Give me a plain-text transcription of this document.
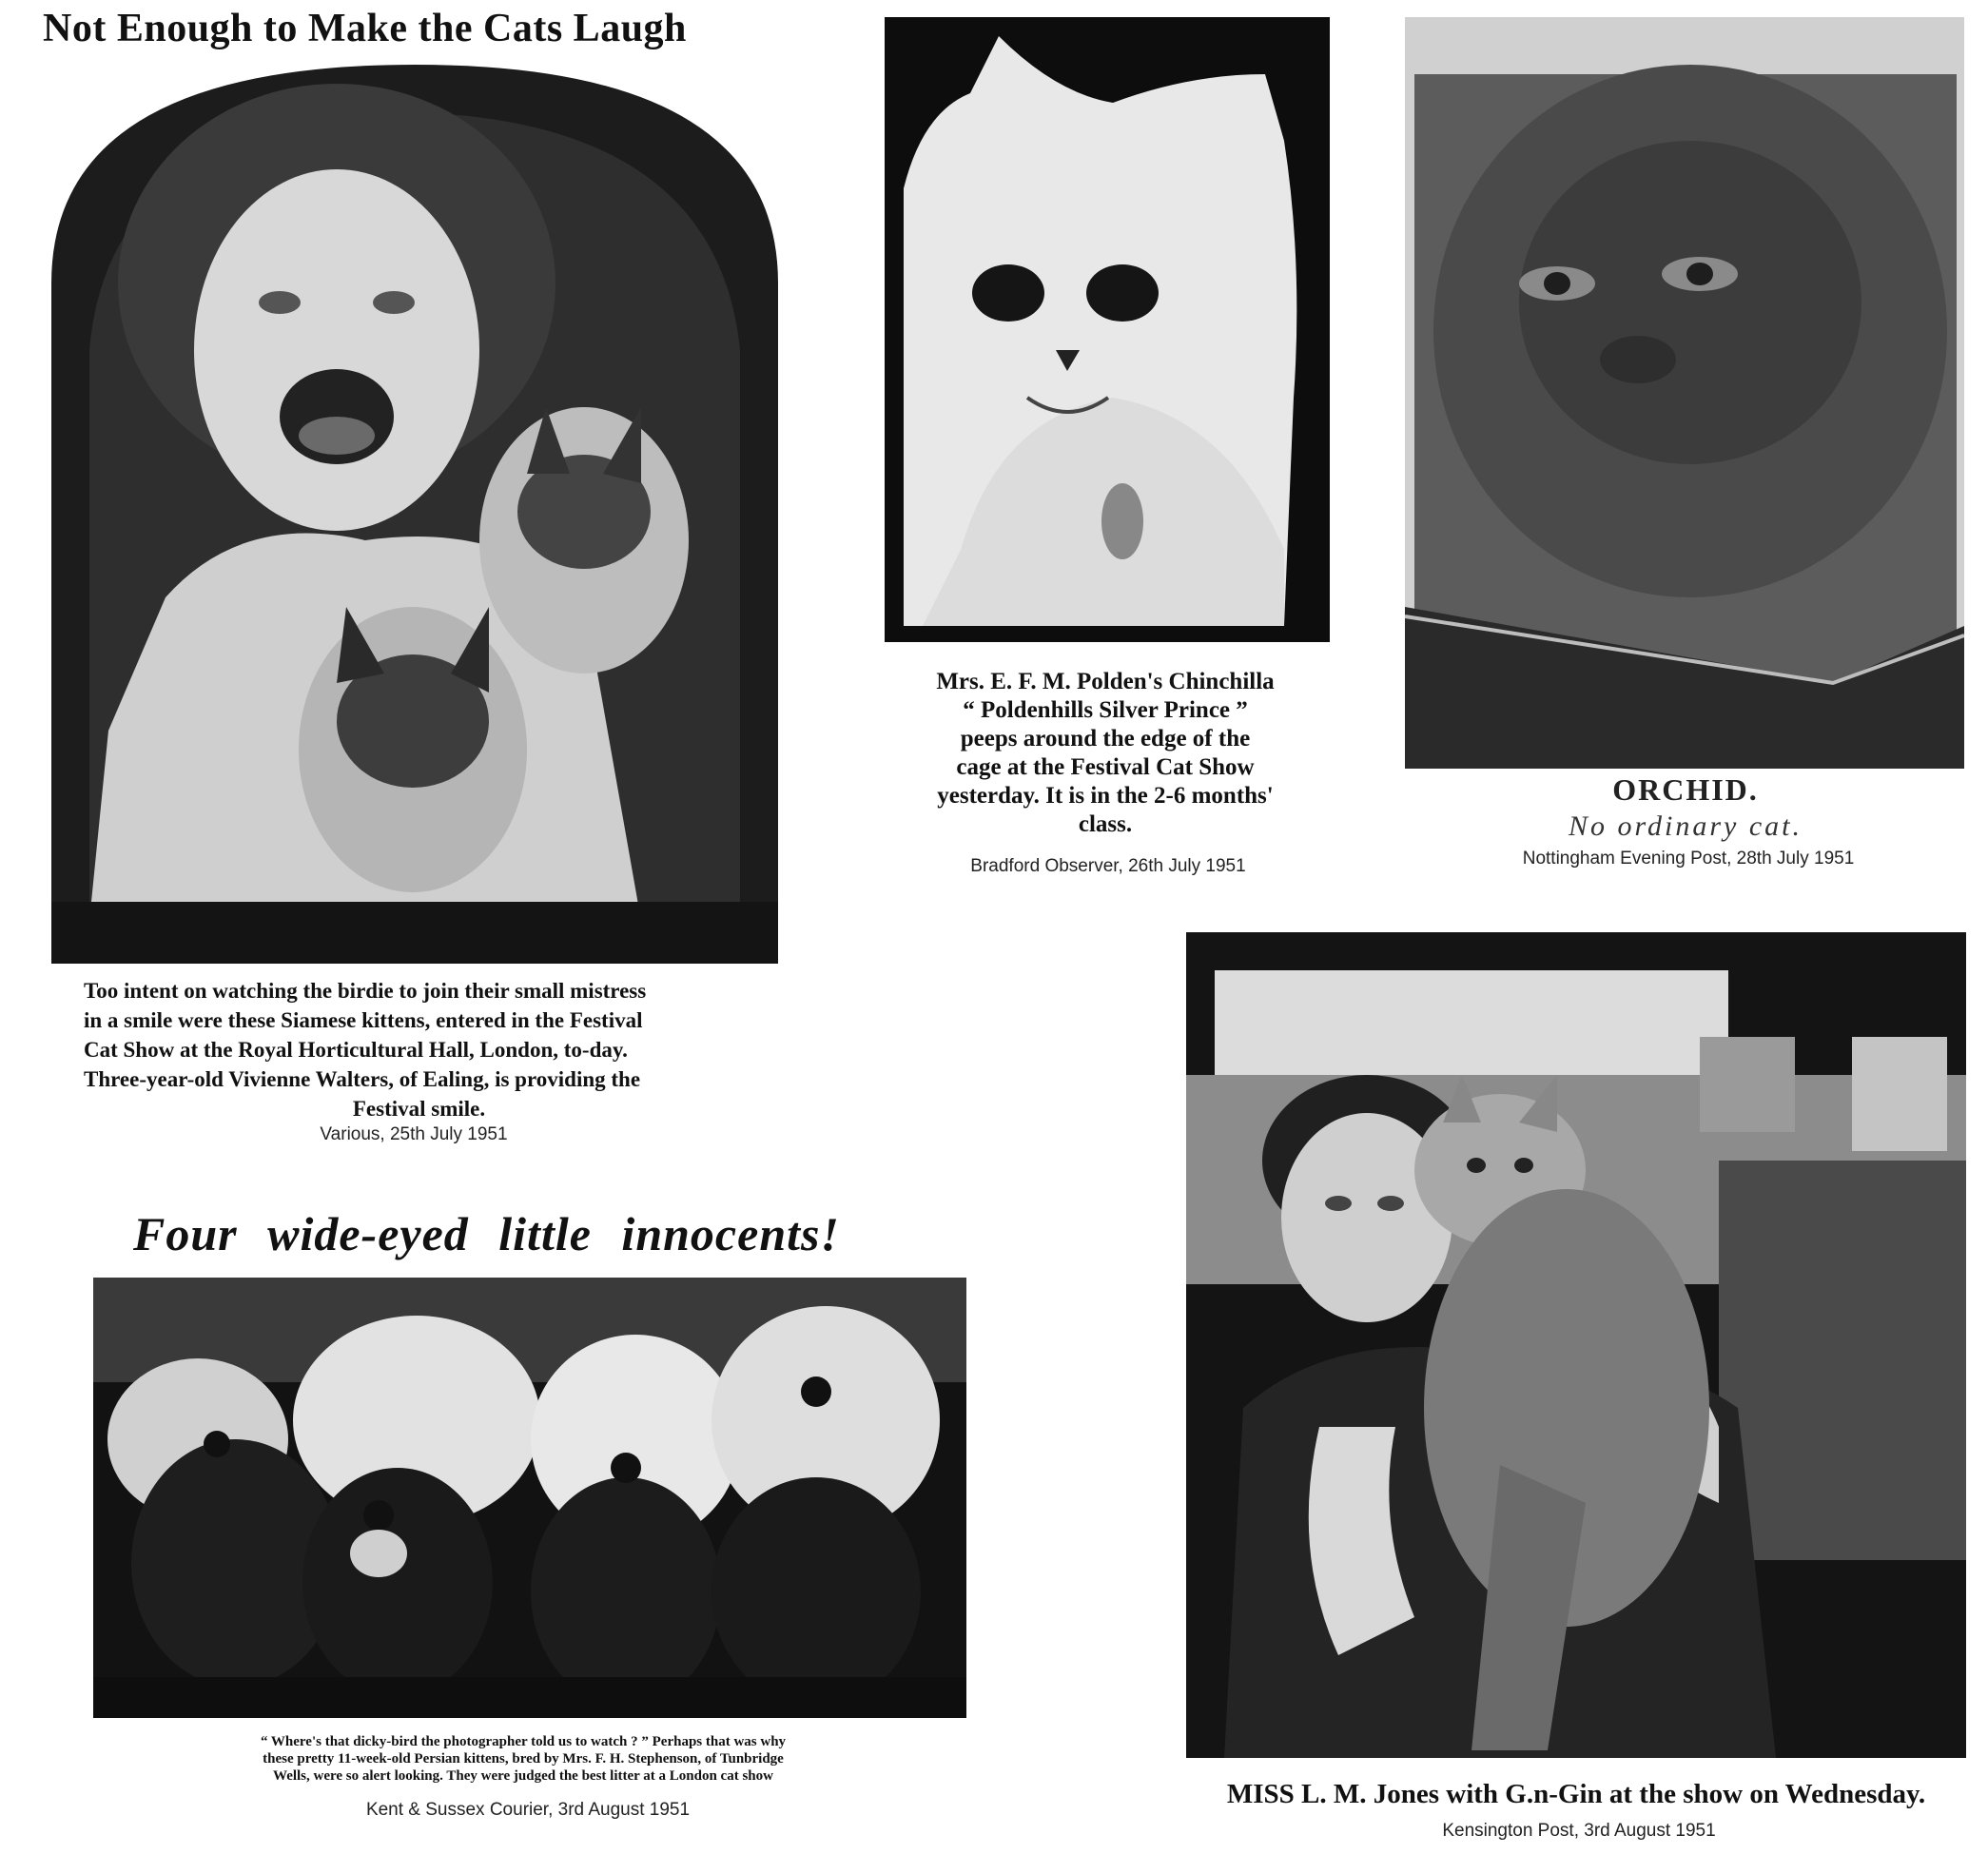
Not Enough to Make the Cats Laugh
Too intent on watching the birdie to join their small mistress
in a smile were these Siamese kittens, entered in the Festival
Cat Show at the Royal Horticultural Hall, London, to-day.
Three-year-old Vivienne Walters, of Ealing, is providing the
Festival smile.
Various, 25th July 1951
Mrs. E. F. M. Polden's Chinchilla
“ Poldenhills Silver Prince ”
peeps around the edge of the
cage at the Festival Cat Show
yesterday. It is in the 2-6 months'
class.
Bradford Observer, 26th July 1951
ORCHID.
No ordinary cat.
Nottingham Evening Post, 28th July 1951
Four wide-eyed little innocents!
“ Where's that dicky-bird the photographer told us to watch ? ” Perhaps that was why
these pretty 11-week-old Persian kittens, bred by Mrs. F. H. Stephenson, of Tunbridge
Wells, were so alert looking. They were judged the best litter at a London cat show
Kent & Sussex Courier, 3rd August 1951
MISS L. M. Jones with G.n-Gin at the show on Wednesday.
Kensington Post, 3rd August 1951
